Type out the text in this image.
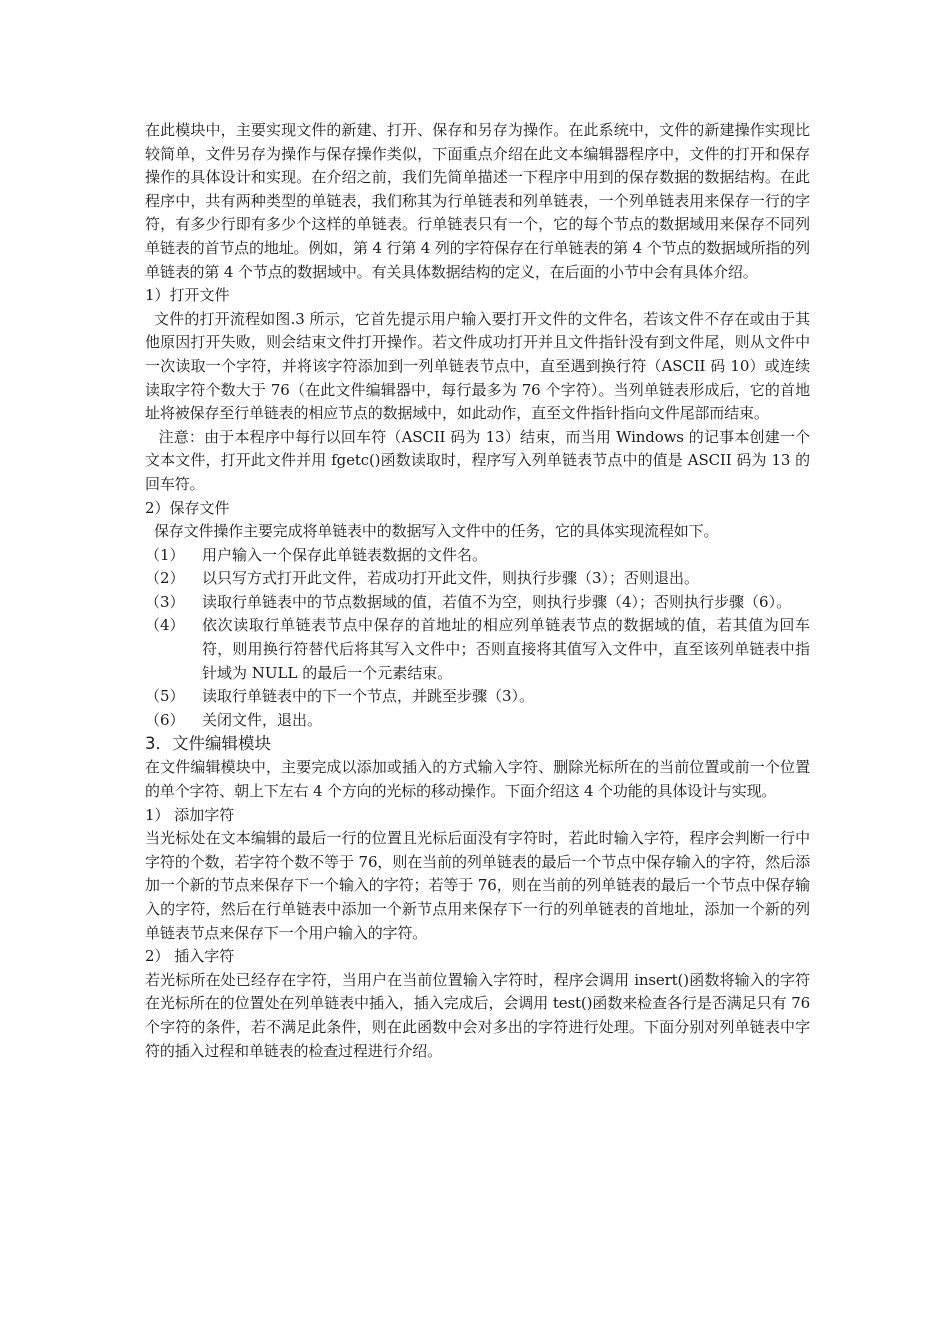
在此模块中，主要实现文件的新建、打开、保存和另存为操作。在此系统中，文件的新建操作实现比较简单，文件另存为操作与保存操作类似，下面重点介绍在此文本编辑器程序中，文件的打开和保存操作的具体设计和实现。在介绍之前，我们先简单描述一下程序中用到的保存数据的数据结构。在此程序中，共有两种类型的单链表，我们称其为行单链表和列单链表，一个列单链表用来保存一行的字符，有多少行即有多少个这样的单链表。行单链表只有一个，它的每个节点的数据域用来保存不同列单链表的首节点的地址。例如，第 4 行第 4 列的字符保存在行单链表的第 4 个节点的数据域所指的列单链表的第 4 个节点的数据域中。有关具体数据结构的定义，在后面的小节中会有具体介绍。

1）打开文件

文件的打开流程如图.3 所示，它首先提示用户输入要打开文件的文件名，若该文件不存在或由于其他原因打开失败，则会结束文件打开操作。若文件成功打开并且文件指针没有到文件尾，则从文件中一次读取一个字符，并将该字符添加到一列单链表节点中，直至遇到换行符（ASCII 码 10）或连续读取字符个数大于 76（在此文件编辑器中，每行最多为 76 个字符）。当列单链表形成后，它的首地址将被保存至行单链表的相应节点的数据域中，如此动作，直至文件指针指向文件尾部而结束。

注意：由于本程序中每行以回车符（ASCII 码为 13）结束，而当用 Windows 的记事本创建一个文本文件，打开此文件并用 fgetc()函数读取时，程序写入列单链表节点中的值是 ASCII 码为 13 的回车符。

2）保存文件

保存文件操作主要完成将单链表中的数据写入文件中的任务，它的具体实现流程如下。

（1）	用户输入一个保存此单链表数据的文件名。
（2）	以只写方式打开此文件，若成功打开此文件，则执行步骤（3）；否则退出。
（3）	读取行单链表中的节点数据域的值，若值不为空，则执行步骤（4）；否则执行步骤（6）。
（4）	依次读取行单链表节点中保存的首地址的相应列单链表节点的数据域的值，若其值为回车符，则用换行符替代后将其写入文件中；否则直接将其值写入文件中，直至该列单链表中指针域为 NULL 的最后一个元素结束。
（5）	读取行单链表中的下一个节点，并跳至步骤（3）。
（6）	关闭文件，退出。

3．文件编辑模块

在文件编辑模块中，主要完成以添加或插入的方式输入字符、删除光标所在的当前位置或前一个位置的单个字符、朝上下左右 4 个方向的光标的移动操作。下面介绍这 4 个功能的具体设计与实现。

1） 添加字符

当光标处在文本编辑的最后一行的位置且光标后面没有字符时，若此时输入字符，程序会判断一行中字符的个数，若字符个数不等于 76，则在当前的列单链表的最后一个节点中保存输入的字符，然后添加一个新的节点来保存下一个输入的字符；若等于 76，则在当前的列单链表的最后一个节点中保存输入的字符，然后在行单链表中添加一个新节点用来保存下一行的列单链表的首地址，添加一个新的列单链表节点来保存下一个用户输入的字符。

2） 插入字符

若光标所在处已经存在字符，当用户在当前位置输入字符时，程序会调用 insert()函数将输入的字符在光标所在的位置处在列单链表中插入，插入完成后，会调用 test()函数来检查各行是否满足只有 76 个字符的条件，若不满足此条件，则在此函数中会对多出的字符进行处理。下面分别对列单链表中字符的插入过程和单链表的检查过程进行介绍。
